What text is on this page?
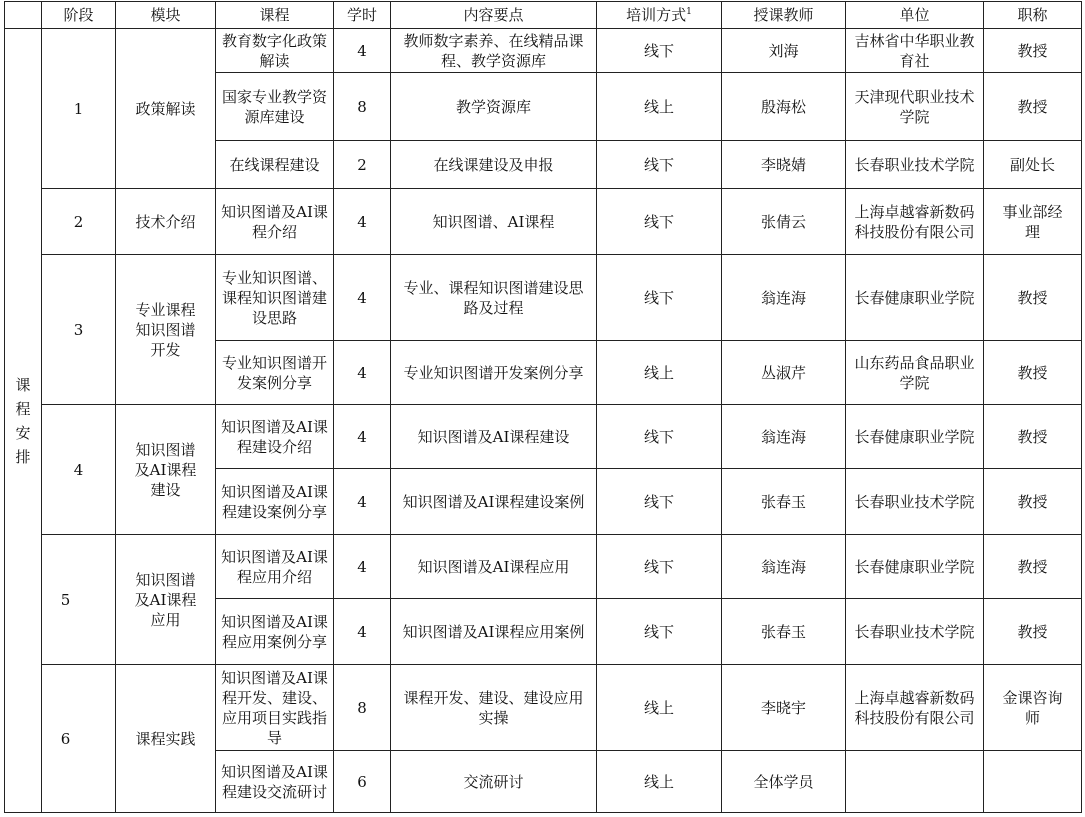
	阶段	模块	课程	学时	内容要点	培训方式$^1$	授课教师	单位	职称
课程安排	1	政策解读	教育数字化政策解读	4	教师数字素养、在线精品课程、教学资源库	线下	刘海	吉林省中华职业教育社	教授
			国家专业教学资源库建设	8	教学资源库	线上	殷海松	天津现代职业技术学院	教授
			在线课程建设	2	在线课建设及申报	线下	李晓婧	长春职业技术学院	副处长
	2	技术介绍	知识图谱及AI课程介绍	4	知识图谱、AI课程	线下	张倩云	上海卓越睿新数码科技股份有限公司	事业部经理
	3	专业课程知识图谱开发	专业知识图谱、课程知识图谱建设思路	4	专业、课程知识图谱建设思路及过程	线下	翁连海	长春健康职业学院	教授
			专业知识图谱开发案例分享	4	专业知识图谱开发案例分享	线上	丛淑芹	山东药品食品职业学院	教授
	4	知识图谱及AI课程建设	知识图谱及AI课程建设介绍	4	知识图谱及AI课程建设	线下	翁连海	长春健康职业学院	教授
			知识图谱及AI课程建设案例分享	4	知识图谱及AI课程建设案例	线下	张春玉	长春职业技术学院	教授
	5	知识图谱及AI课程应用	知识图谱及AI课程应用介绍	4	知识图谱及AI课程应用	线下	翁连海	长春健康职业学院	教授
			知识图谱及AI课程应用案例分享	4	知识图谱及AI课程应用案例	线下	张春玉	长春职业技术学院	教授
	6	课程实践	知识图谱及AI课程开发、建设、应用项目实践指导	8	课程开发、建设、建设应用实操	线上	李晓宇	上海卓越睿新数码科技股份有限公司	金课咨询师
			知识图谱及AI课程建设交流研讨	6	交流研讨	线上	全体学员		
